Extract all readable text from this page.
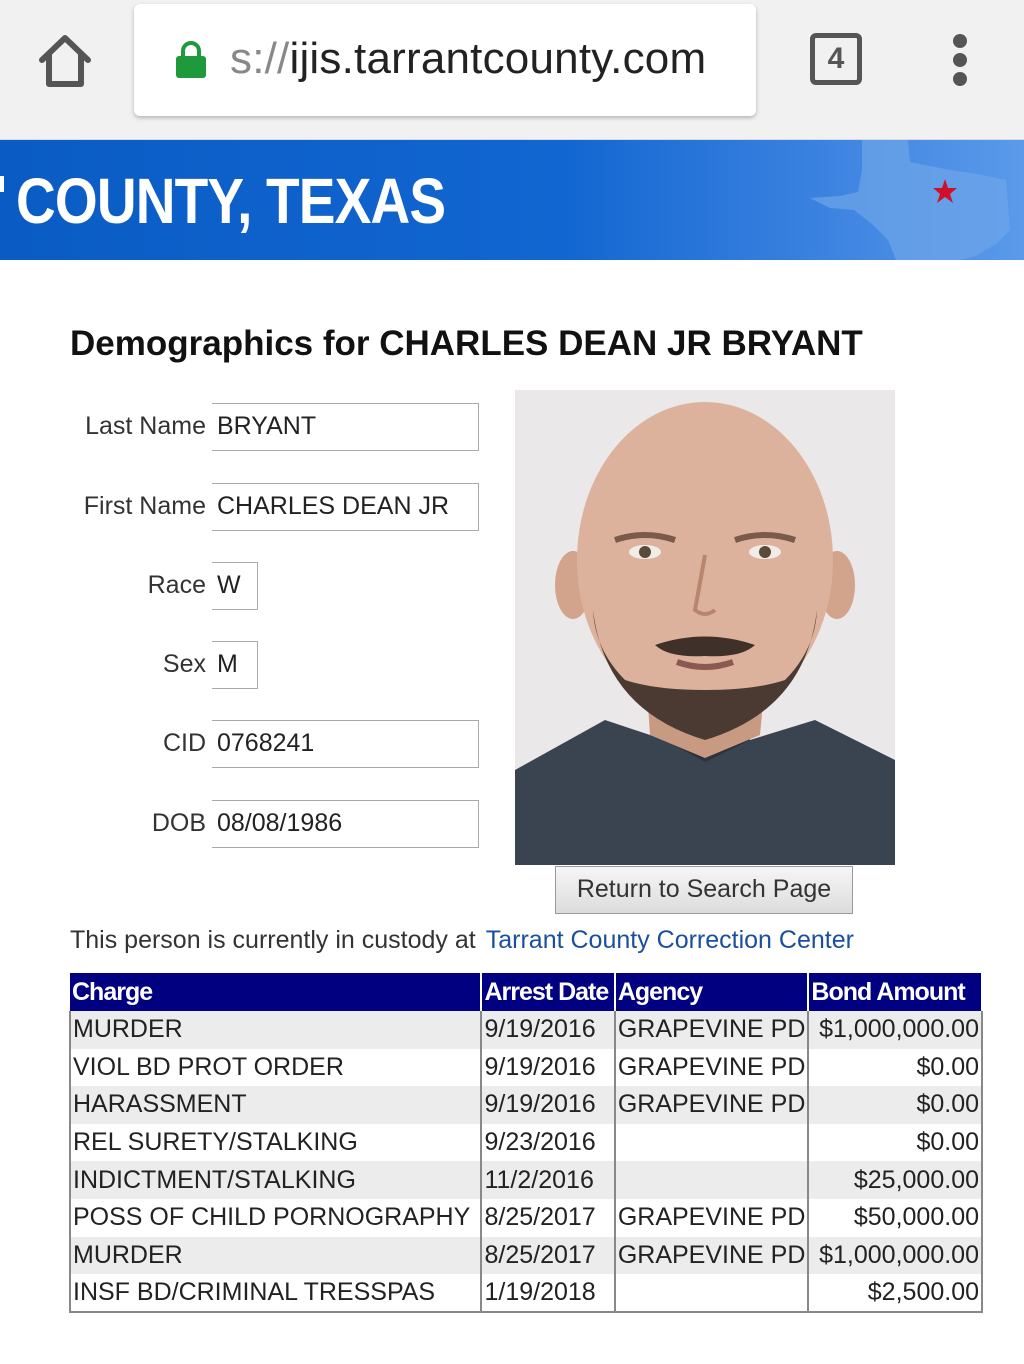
s://ijis.tarrantcounty.com	4
COUNTY, TEXAS
Demographics for CHARLES DEAN JR BRYANT
Last Name BRYANT
First Name CHARLES DEAN JR
Race W
Sex M
CID 0768241
DOB 08/08/1986
Return to Search Page
This person is currently in custody at Tarrant County Correction Center
Charge	Arrest Date	Agency	Bond Amount
MURDER	9/19/2016	GRAPEVINE PD	$1,000,000.00
VIOL BD PROT ORDER	9/19/2016	GRAPEVINE PD	$0.00
HARASSMENT	9/19/2016	GRAPEVINE PD	$0.00
REL SURETY/STALKING	9/23/2016		$0.00
INDICTMENT/STALKING	11/2/2016		$25,000.00
POSS OF CHILD PORNOGRAPHY	8/25/2017	GRAPEVINE PD	$50,000.00
MURDER	8/25/2017	GRAPEVINE PD	$1,000,000.00
INSF BD/CRIMINAL TRESSPAS	1/19/2018		$2,500.00
